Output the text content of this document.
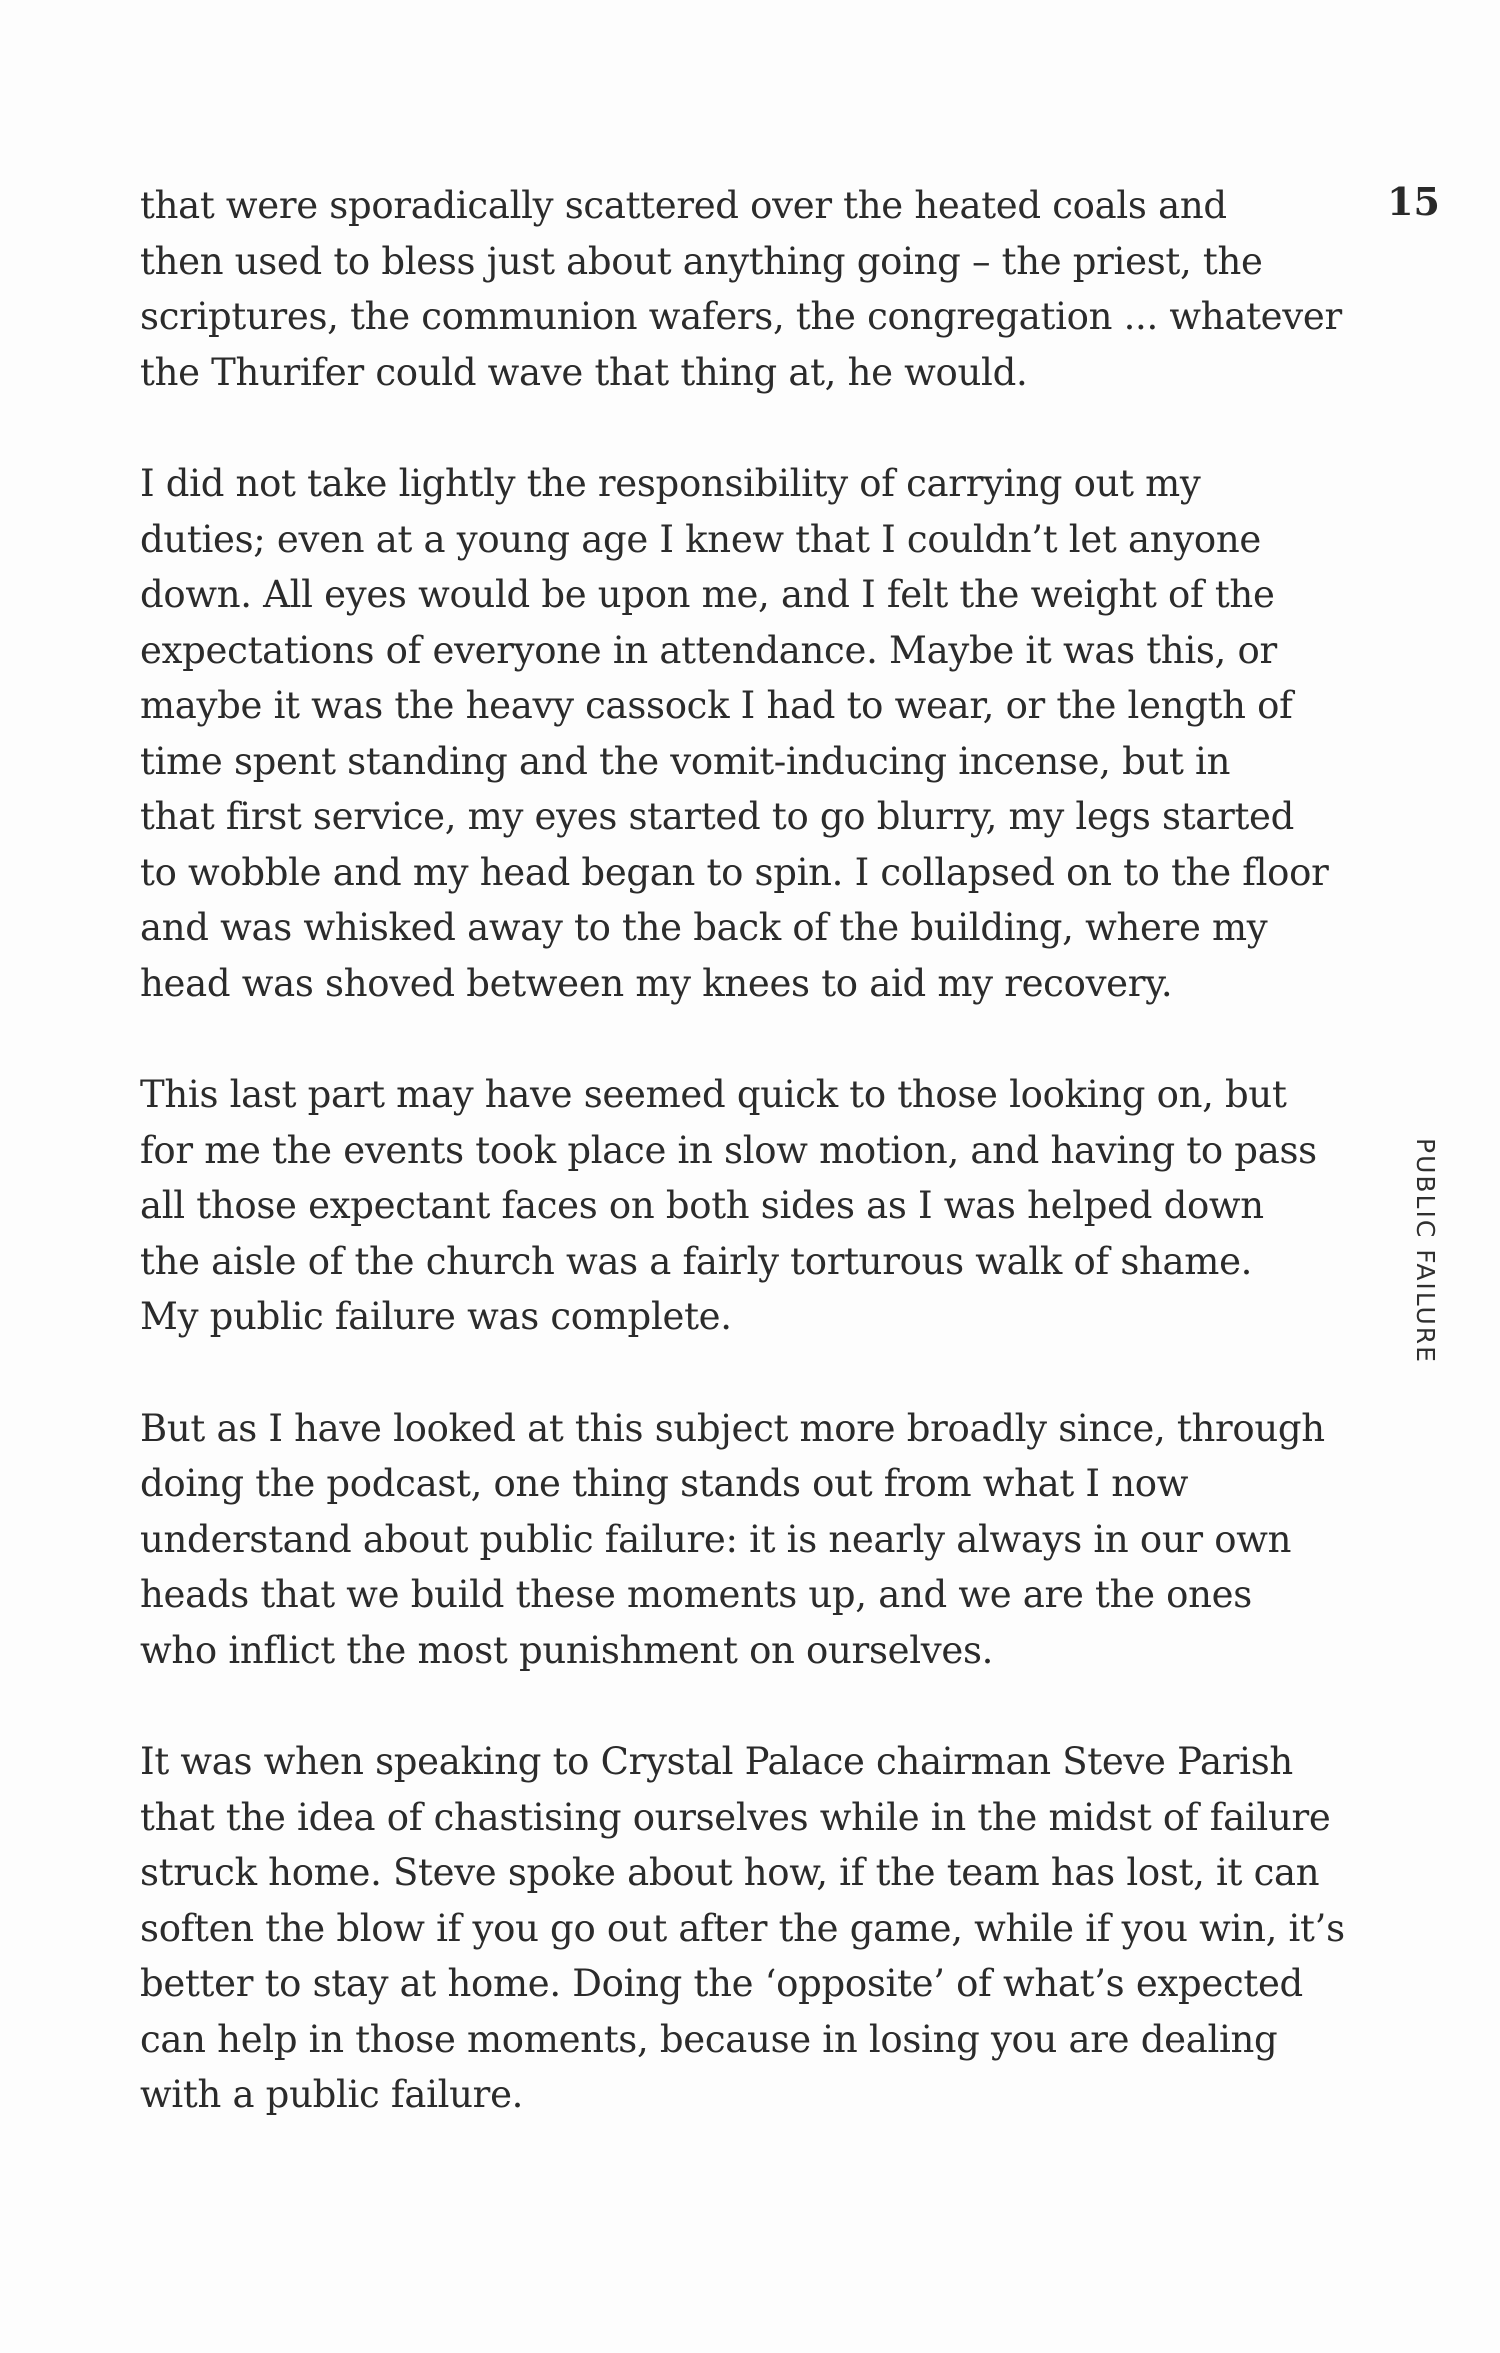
15
PUBLIC FAILURE

that were sporadically scattered over the heated coals and
then used to bless just about anything going – the priest, the
scriptures, the communion wafers, the congregation ... whatever
the Thurifer could wave that thing at, he would.

I did not take lightly the responsibility of carrying out my
duties; even at a young age I knew that I couldn’t let anyone
down. All eyes would be upon me, and I felt the weight of the
expectations of everyone in attendance. Maybe it was this, or
maybe it was the heavy cassock I had to wear, or the length of
time spent standing and the vomit-inducing incense, but in
that first service, my eyes started to go blurry, my legs started
to wobble and my head began to spin. I collapsed on to the floor
and was whisked away to the back of the building, where my
head was shoved between my knees to aid my recovery.

This last part may have seemed quick to those looking on, but
for me the events took place in slow motion, and having to pass
all those expectant faces on both sides as I was helped down
the aisle of the church was a fairly torturous walk of shame.
My public failure was complete.

But as I have looked at this subject more broadly since, through
doing the podcast, one thing stands out from what I now
understand about public failure: it is nearly always in our own
heads that we build these moments up, and we are the ones
who inflict the most punishment on ourselves.

It was when speaking to Crystal Palace chairman Steve Parish
that the idea of chastising ourselves while in the midst of failure
struck home. Steve spoke about how, if the team has lost, it can
soften the blow if you go out after the game, while if you win, it’s
better to stay at home. Doing the ‘opposite’ of what’s expected
can help in those moments, because in losing you are dealing
with a public failure.
